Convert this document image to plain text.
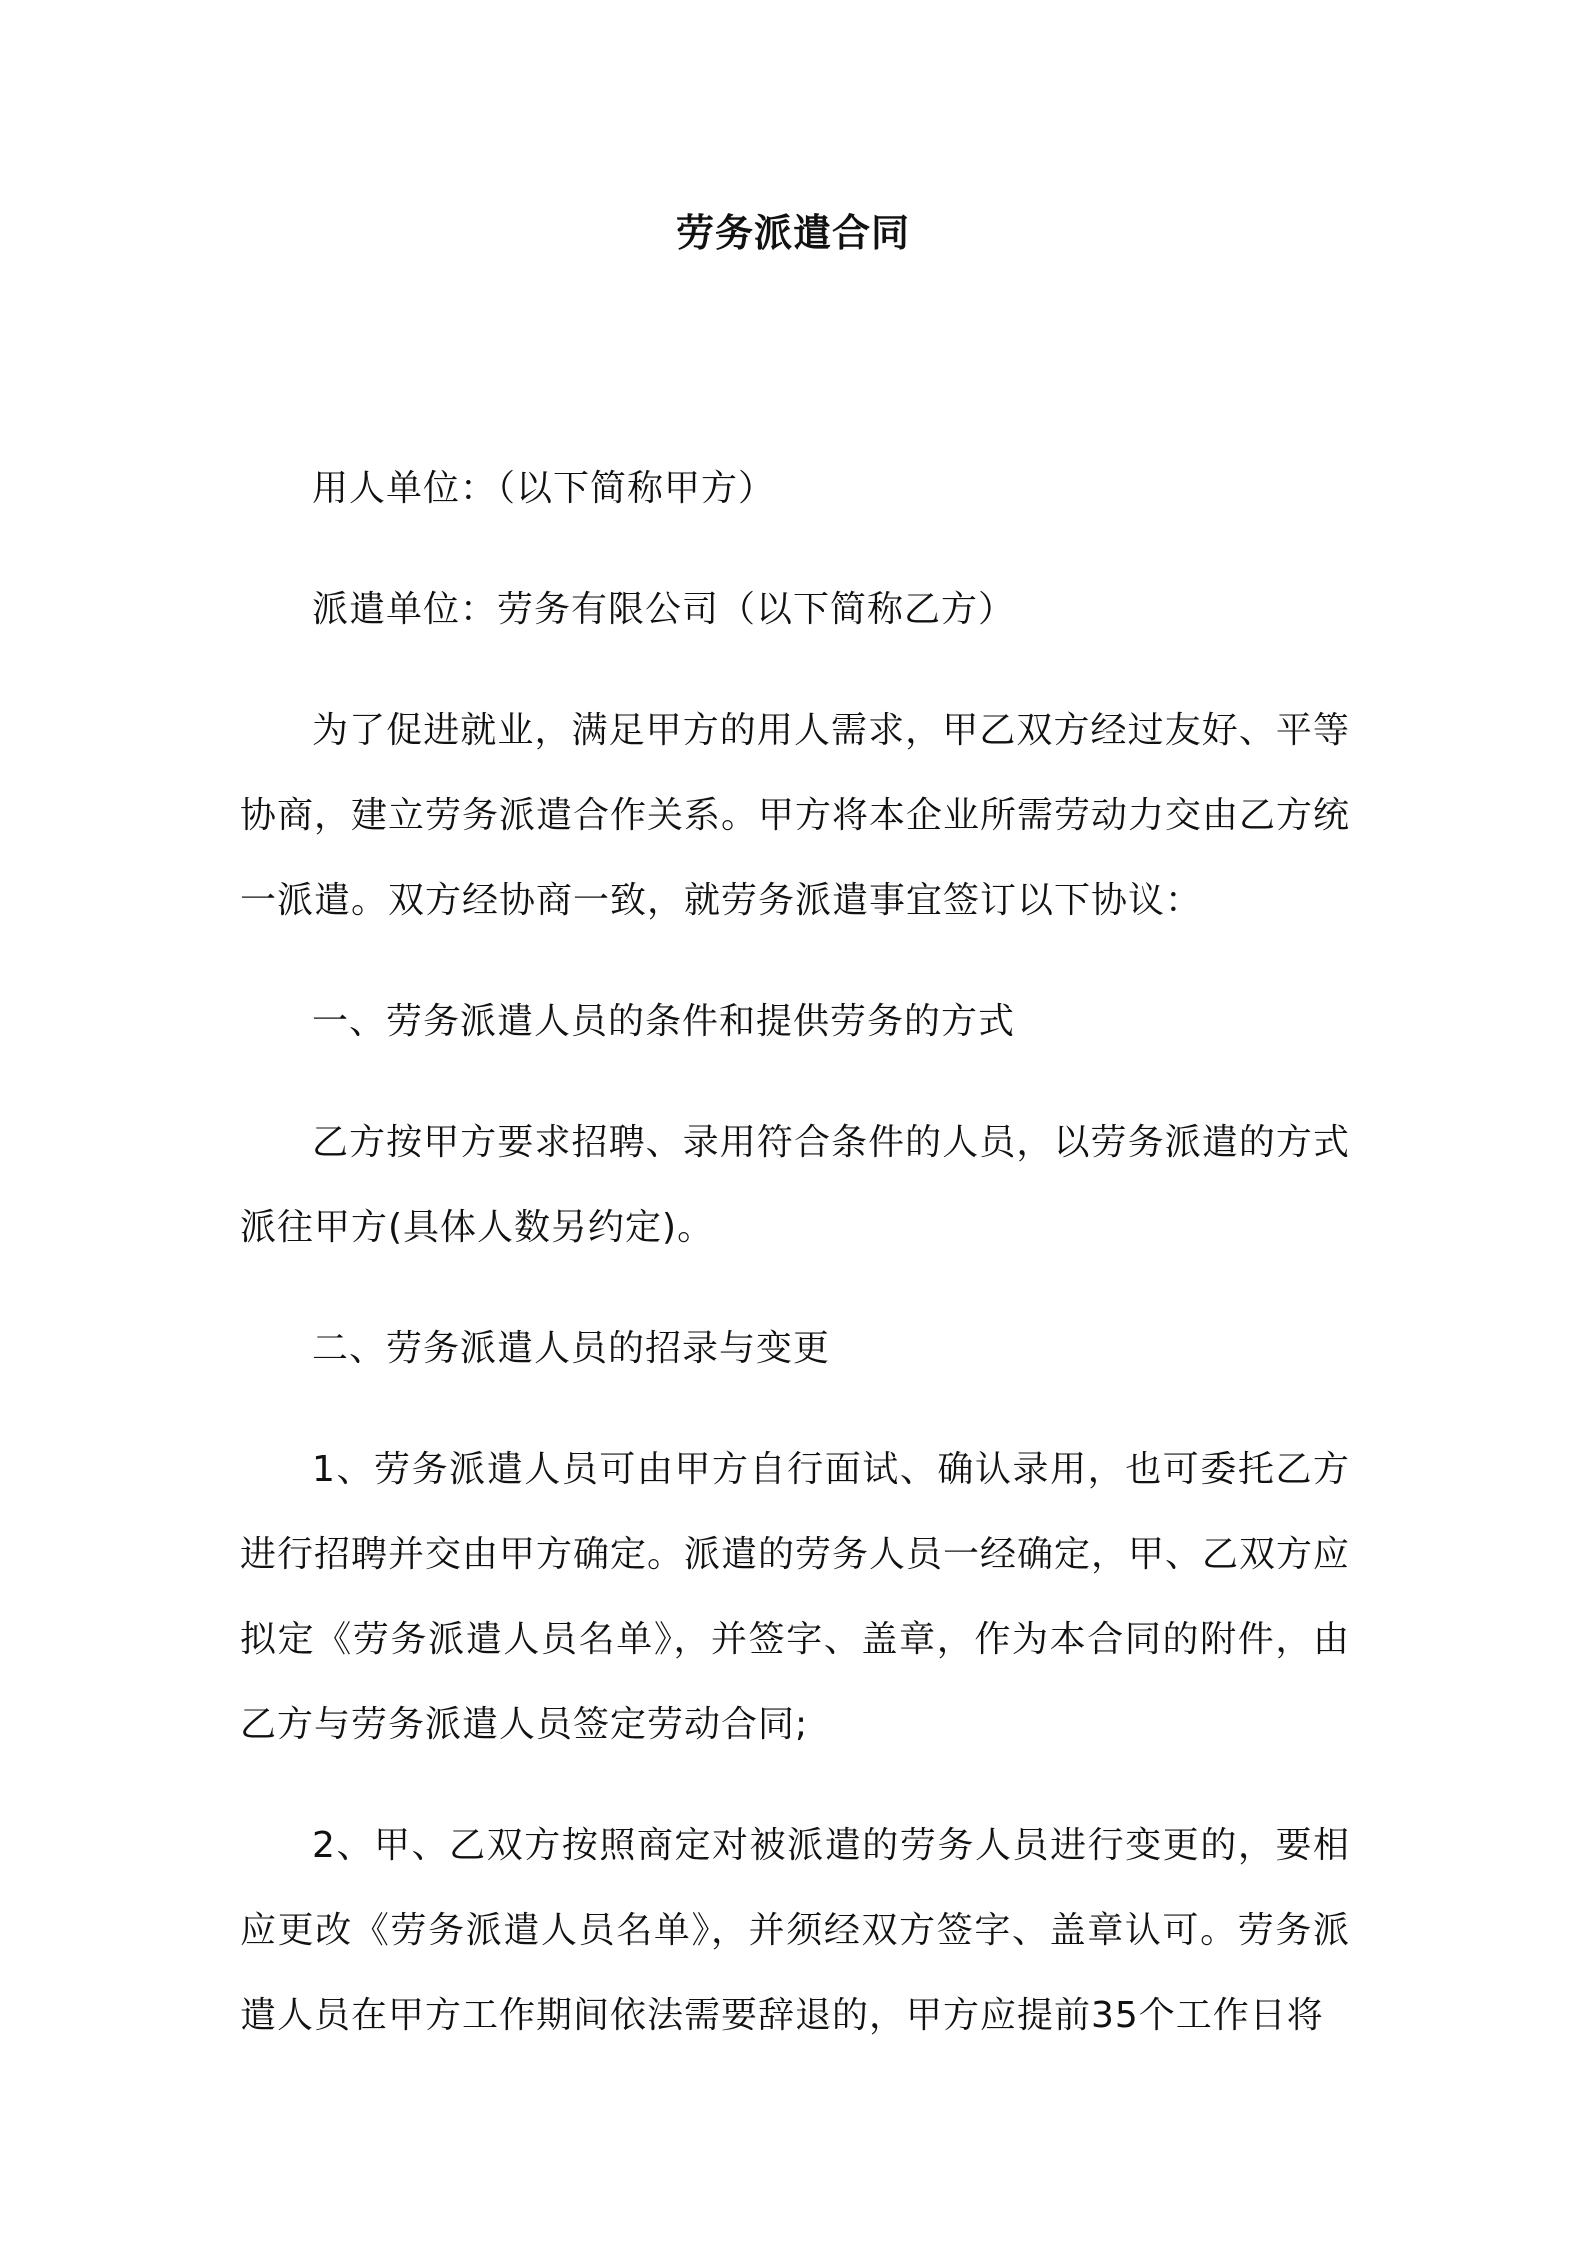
劳务派遣合同

用人单位：（以下简称甲方）

派遣单位：劳务有限公司（以下简称乙方）

为了促进就业，满足甲方的用人需求，甲乙双方经过友好、平等协商，建立劳务派遣合作关系。甲方将本企业所需劳动力交由乙方统一派遣。双方经协商一致，就劳务派遣事宜签订以下协议：

一、劳务派遣人员的条件和提供劳务的方式

乙方按甲方要求招聘、录用符合条件的人员，以劳务派遣的方式派往甲方(具体人数另约定)。

二、劳务派遣人员的招录与变更

1、劳务派遣人员可由甲方自行面试、确认录用，也可委托乙方进行招聘并交由甲方确定。派遣的劳务人员一经确定，甲、乙双方应拟定《劳务派遣人员名单》，并签字、盖章，作为本合同的附件，由乙方与劳务派遣人员签定劳动合同;

2、甲、乙双方按照商定对被派遣的劳务人员进行变更的，要相应更改《劳务派遣人员名单》，并须经双方签字、盖章认可。劳务派遣人员在甲方工作期间依法需要辞退的，甲方应提前35个工作日将
